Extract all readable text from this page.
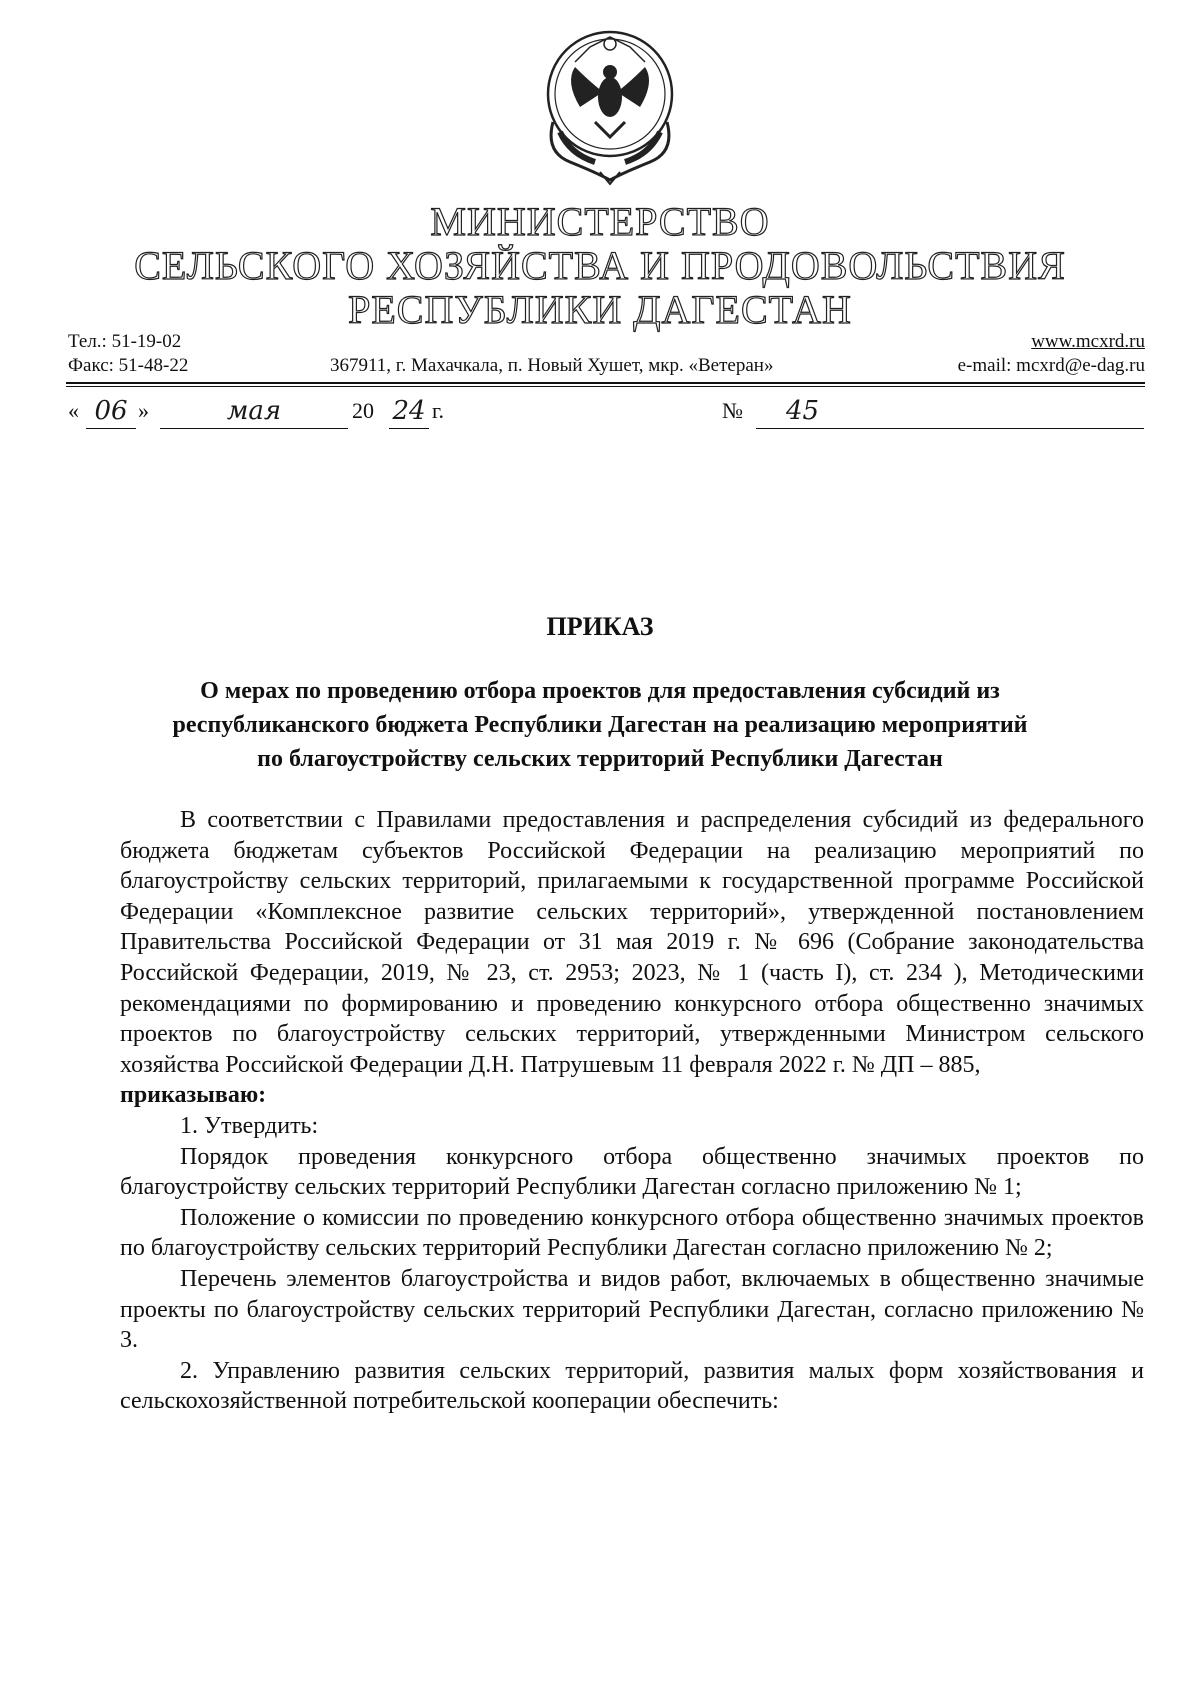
МИНИСТЕРСТВО
СЕЛЬСКОГО ХОЗЯЙСТВА И ПРОДОВОЛЬСТВИЯ
РЕСПУБЛИКИ ДАГЕСТАН
Тел.: 51-19-02
Факс: 51-48-22	367911, г. Махачкала, п. Новый Хушет, мкр. «Ветеран»
www.mcxrd.ru
e-mail: mcxrd@e-dag.ru
« 06 »	мая	20 24 г.	№	45
ПРИКАЗ
О мерах по проведению отбора проектов для предоставления субсидий из
республиканского бюджета Республики Дагестан на реализацию мероприятий
по благоустройству сельских территорий Республики Дагестан

В соответствии с Правилами предоставления и распределения субсидий из федерального бюджета бюджетам субъектов Российской Федерации на реализацию мероприятий по благоустройству сельских территорий, прилагаемыми к государственной программе Российской Федерации «Комплексное развитие сельских территорий», утвержденной постановлением Правительства Российской Федерации от 31 мая 2019 г. № 696 (Собрание законодательства Российской Федерации, 2019, № 23, ст. 2953; 2023, № 1 (часть I), ст. 234 ), Методическими рекомендациями по формированию и проведению конкурсного отбора общественно значимых проектов по благоустройству сельских территорий, утвержденными Министром сельского хозяйства Российской Федерации Д.Н. Патрушевым 11 февраля 2022 г. № ДП – 885,

приказываю:

1. Утвердить:

Порядок проведения конкурсного отбора общественно значимых проектов по благоустройству сельских территорий Республики Дагестан согласно приложению № 1;

Положение о комиссии по проведению конкурсного отбора общественно значимых проектов по благоустройству сельских территорий Республики Дагестан согласно приложению № 2;

Перечень элементов благоустройства и видов работ, включаемых в общественно значимые проекты по благоустройству сельских территорий Республики Дагестан, согласно приложению № 3.

2. Управлению развития сельских территорий, развития малых форм хозяйствования и сельскохозяйственной потребительской кооперации обеспечить:
